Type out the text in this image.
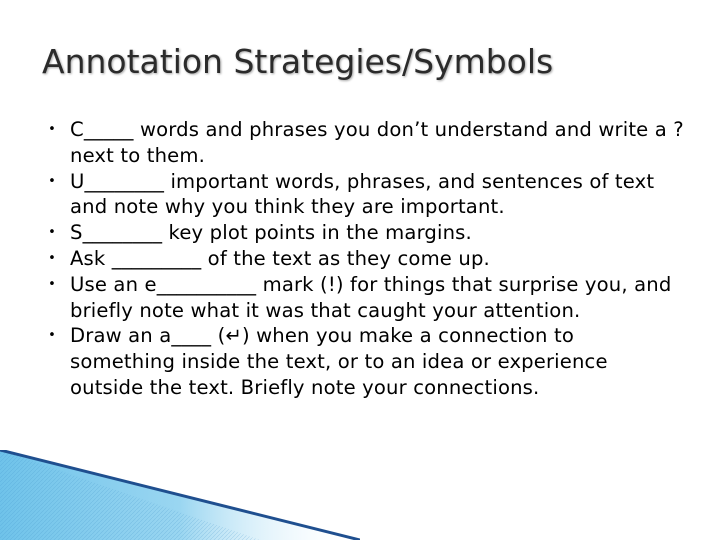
Annotation Strategies/Symbols
• C_____ words and phrases you don’t understand and write a ? next to them.
• U________ important words, phrases, and sentences of text and note why you think they are important.
• S________ key plot points in the margins.
• Ask _________ of the text as they come up.
• Use an e__________ mark (!) for things that surprise you, and briefly note what it was that caught your attention.
• Draw an a____ (↵) when you make a connection to something inside the text, or to an idea or experience outside the text. Briefly note your connections.
